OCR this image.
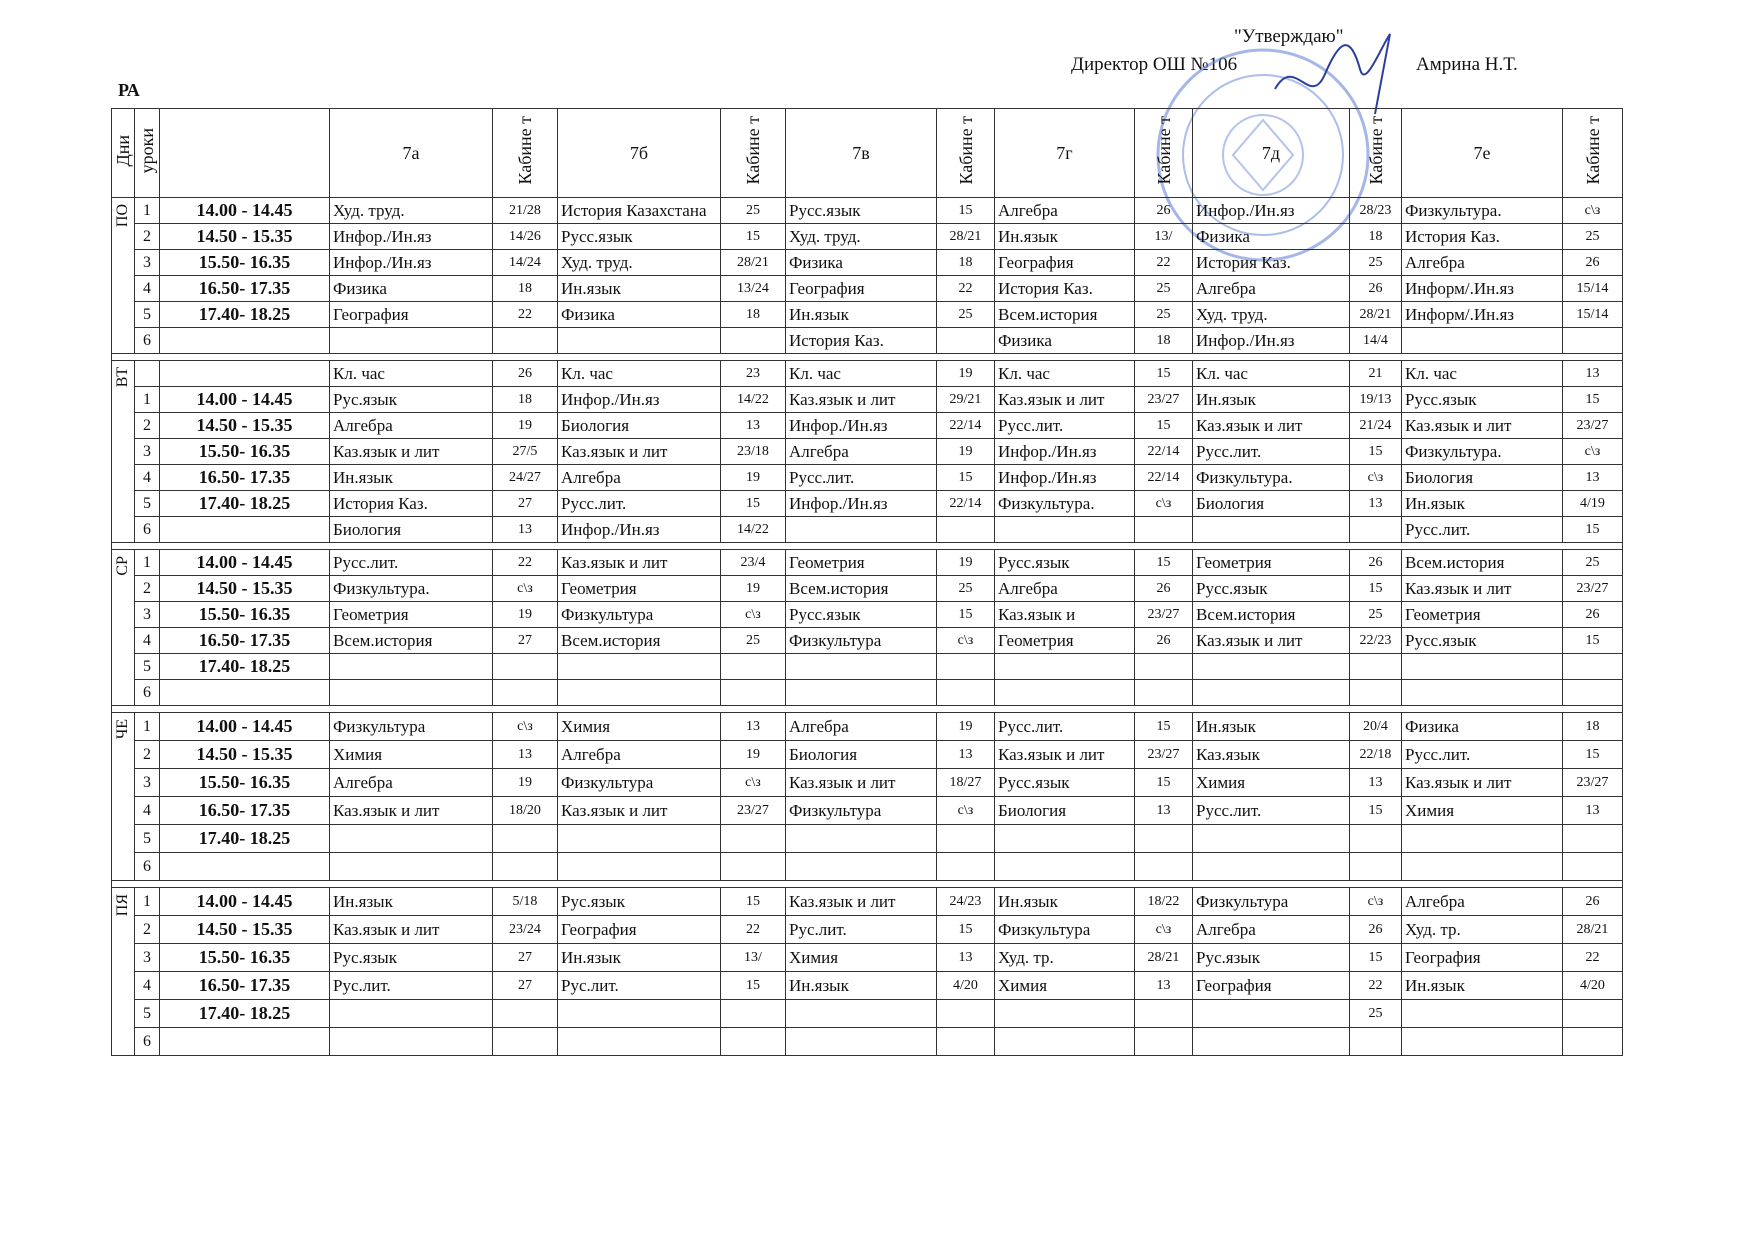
"Утверждаю"
Директор ОШ №106	Амрина Н.Т.
РА
Дни	уроки		7а	Кабине т	7б	Кабине т	7в	Кабине т	7г	Кабине т	7д	Кабине т	7е	Кабине т
ПО	1	14.00 - 14.45	Худ. труд.	21/28	История Казахстана	25	Русс.язык	15	Алгебра	26	Инфор./Ин.яз	28/23	Физкультура.	с\з
	2	14.50 - 15.35	Инфор./Ин.яз	14/26	Русс.язык	15	Худ. труд.	28/21	Ин.язык	13/	Физика	18	История Каз.	25
	3	15.50- 16.35	Инфор./Ин.яз	14/24	Худ. труд.	28/21	Физика	18	География	22	История Каз.	25	Алгебра	26
	4	16.50- 17.35	Физика	18	Ин.язык	13/24	География	22	История Каз.	25	Алгебра	26	Информ/.Ин.яз	15/14
	5	17.40- 18.25	География	22	Физика	18	Ин.язык	25	Всем.история	25	Худ. труд.	28/21	Информ/.Ин.яз	15/14
	6						История Каз.		Физика	18	Инфор./Ин.яз	14/4		

ВТ			Кл. час	26	Кл. час	23	Кл. час	19	Кл. час	15	Кл. час	21	Кл. час	13
	1	14.00 - 14.45	Рус.язык	18	Инфор./Ин.яз	14/22	Каз.язык и лит	29/21	Каз.язык и лит	23/27	Ин.язык	19/13	Русс.язык	15
	2	14.50 - 15.35	Алгебра	19	Биология	13	Инфор./Ин.яз	22/14	Русс.лит.	15	Каз.язык и лит	21/24	Каз.язык и лит	23/27
	3	15.50- 16.35	Каз.язык и лит	27/5	Каз.язык и лит	23/18	Алгебра	19	Инфор./Ин.яз	22/14	Русс.лит.	15	Физкультура.	с\з
	4	16.50- 17.35	Ин.язык	24/27	Алгебра	19	Русс.лит.	15	Инфор./Ин.яз	22/14	Физкультура.	с\з	Биология	13
	5	17.40- 18.25	История Каз.	27	Русс.лит.	15	Инфор./Ин.яз	22/14	Физкультура.	с\з	Биология	13	Ин.язык	4/19
	6		Биология	13	Инфор./Ин.яз	14/22							Русс.лит.	15

СР	1	14.00 - 14.45	Русс.лит.	22	Каз.язык и лит	23/4	Геометрия	19	Русс.язык	15	Геометрия	26	Всем.история	25
	2	14.50 - 15.35	Физкультура.	с\з	Геометрия	19	Всем.история	25	Алгебра	26	Русс.язык	15	Каз.язык и лит	23/27
	3	15.50- 16.35	Геометрия	19	Физкультура	с\з	Русс.язык	15	Каз.язык и	23/27	Всем.история	25	Геометрия	26
	4	16.50- 17.35	Всем.история	27	Всем.история	25	Физкультура	с\з	Геометрия	26	Каз.язык и лит	22/23	Русс.язык	15
	5	17.40- 18.25												
	6													

ЧЕ	1	14.00 - 14.45	Физкультура	с\з	Химия	13	Алгебра	19	Русс.лит.	15	Ин.язык	20/4	Физика	18
	2	14.50 - 15.35	Химия	13	Алгебра	19	Биология	13	Каз.язык и лит	23/27	Каз.язык	22/18	Русс.лит.	15
	3	15.50- 16.35	Алгебра	19	Физкультура	с\з	Каз.язык и лит	18/27	Русс.язык	15	Химия	13	Каз.язык и лит	23/27
	4	16.50- 17.35	Каз.язык и лит	18/20	Каз.язык и лит	23/27	Физкультура	с\з	Биология	13	Русс.лит.	15	Химия	13
	5	17.40- 18.25												
	6													

ПЯ	1	14.00 - 14.45	Ин.язык	5/18	Рус.язык	15	Каз.язык и лит	24/23	Ин.язык	18/22	Физкультура	с\з	Алгебра	26
	2	14.50 - 15.35	Каз.язык и лит	23/24	География	22	Рус.лит.	15	Физкультура	с\з	Алгебра	26	Худ. тр.	28/21
	3	15.50- 16.35	Рус.язык	27	Ин.язык	13/	Химия	13	Худ. тр.	28/21	Рус.язык	15	География	22
	4	16.50- 17.35	Рус.лит.	27	Рус.лит.	15	Ин.язык	4/20	Химия	13	География	22	Ин.язык	4/20
	5	17.40- 18.25										25		
	6													
